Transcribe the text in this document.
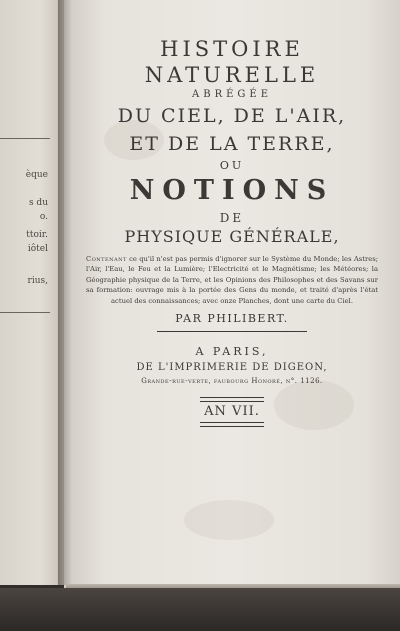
èque
s du
o.
ttoir.
iôtel
rius,

HISTOIRE

NATURELLE

ABRÉGÉE

DU CIEL, DE L'AIR,

ET DE LA TERRE,

OU

NOTIONS

DE

PHYSIQUE GÉNÉRALE,

Contenant ce qu'il n'est pas permis d'ignorer sur le Système du Monde; les Astres; l'Air, l'Eau, le Feu et la Lumière; l'Electricité et le Magnétisme; les Météores; la Géographie physique de la Terre, et les Opinions des Philosophes et des Savans sur sa formation: ouvrage mis à la portée des Gens du monde, et traité d'après l'état actuel des connaissances; avec onze Planches, dont une carte du Ciel.

PAR PHILIBERT.

A PARIS,

DE L'IMPRIMERIE DE DIGEON,

Grande-rue-verte, faubourg Honoré, n°. 1126.

AN VII.
